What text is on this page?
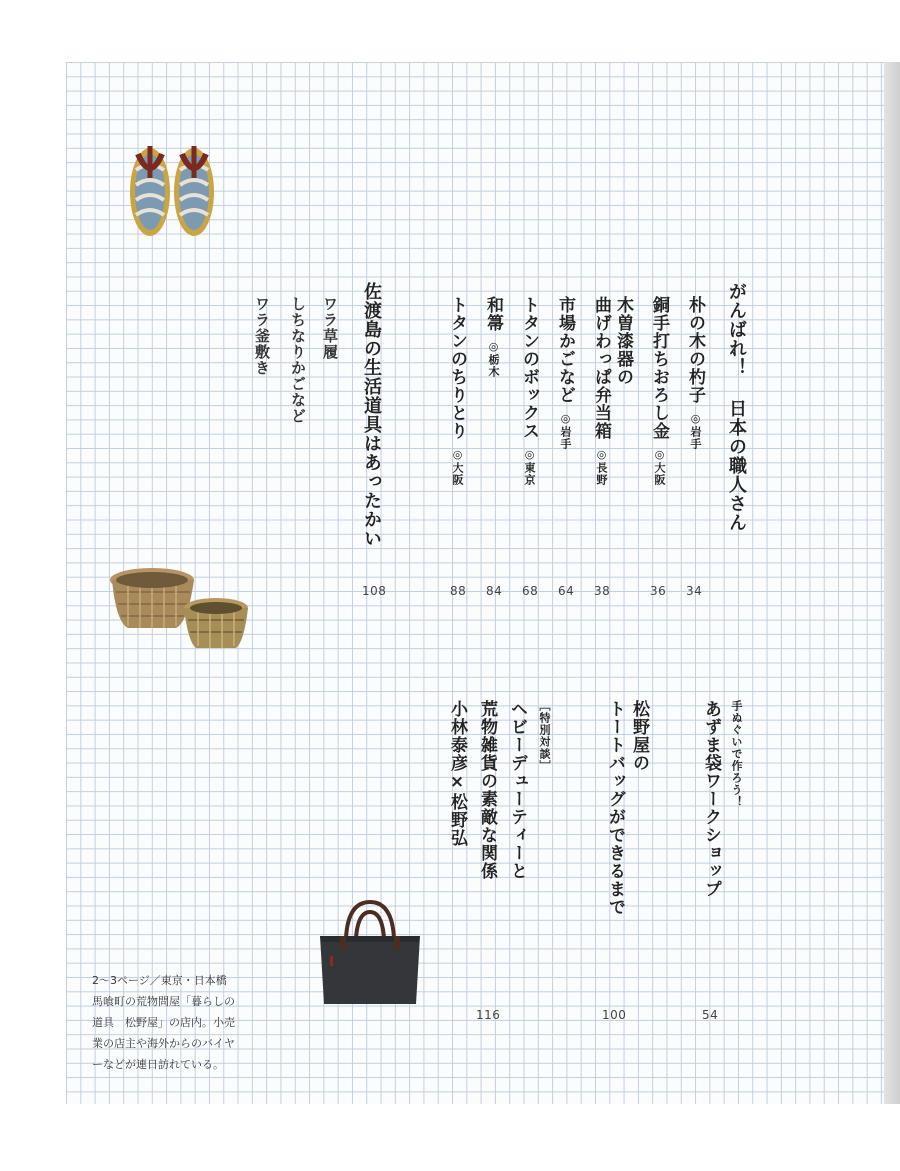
がんばれ！ 日本の職人さん
朴の木の杓子◎岩手
銅手打ちおろし金◎大阪
木曽漆器の
曲げわっぱ弁当箱◎長野
市場かごなど◎岩手
トタンのボックス◎東京
和箒◎栃木
トタンのちりとり◎大阪
佐渡島の生活道具はあったかい
ワラ草履
しちなりかごなど
ワラ釜敷き
34
36
38
64
68
84
88
108
手ぬぐいで作ろう！
あずま袋ワークショップ
松野屋の
トートバッグができるまで
［特別対談］
ヘビーデューティーと
荒物雑貨の素敵な関係
小林泰彦×松野弘
54
100
116
2〜3ページ／東京・日本橋
馬喰町の荒物問屋「暮らしの
道具　松野屋」の店内。小売
業の店主や海外からのバイヤ
ーなどが連日訪れている。
